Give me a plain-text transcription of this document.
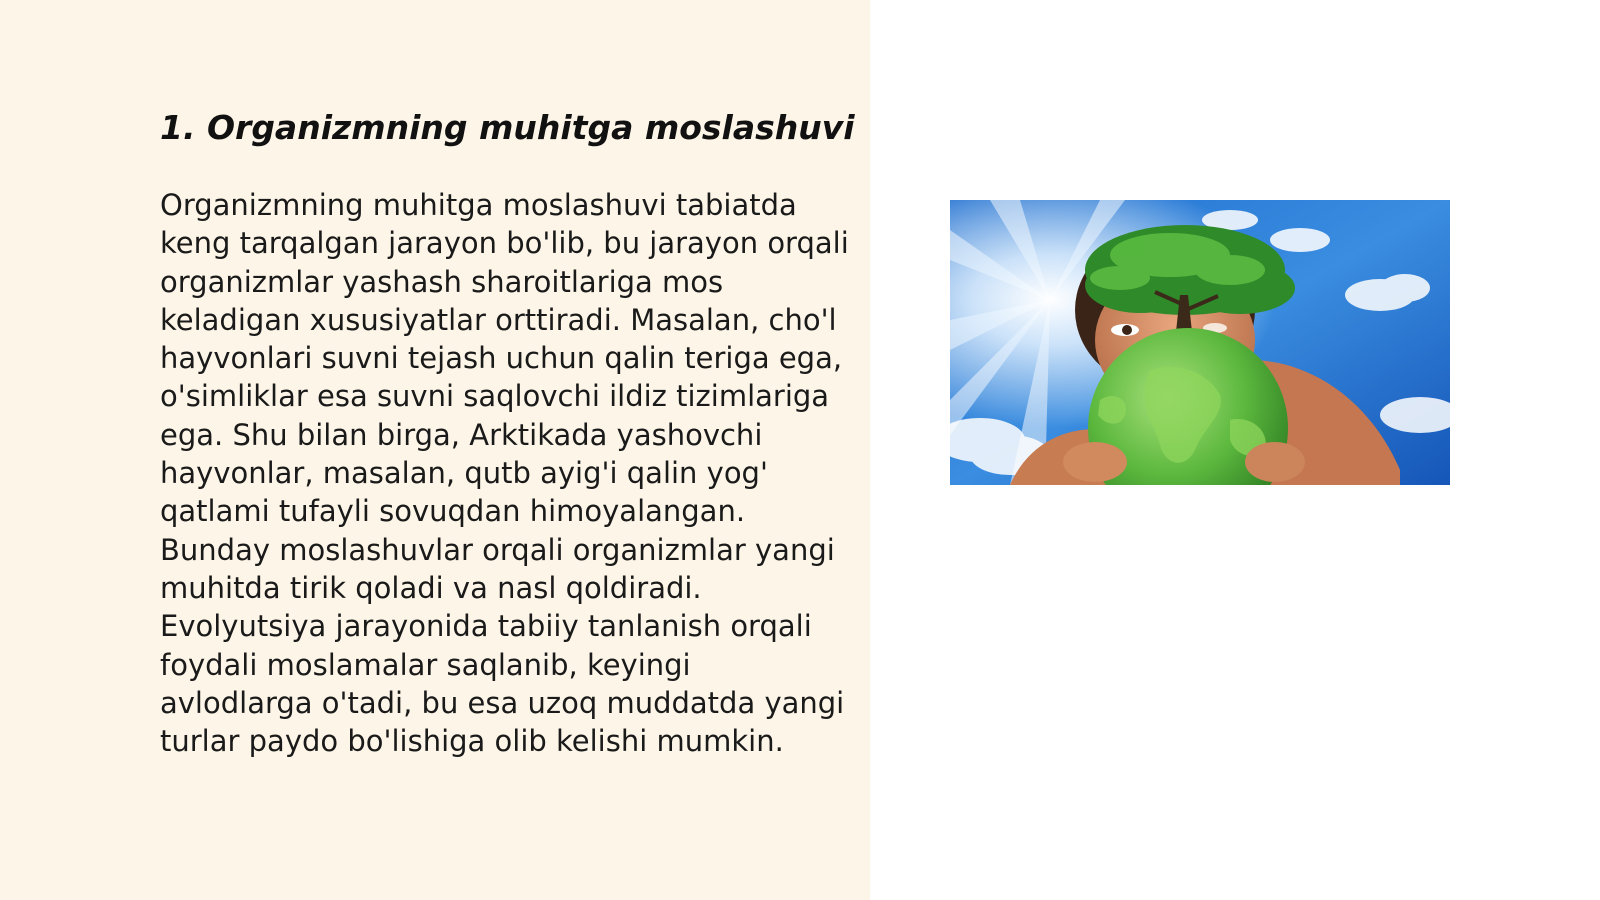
1. Organizmning muhitga moslashuvi

Organizmning muhitga moslashuvi tabiatda keng tarqalgan jarayon bo'lib, bu jarayon orqali organizmlar yashash sharoitlariga mos keladigan xususiyatlar orttiradi. Masalan, cho'l hayvonlari suvni tejash uchun qalin teriga ega, o'simliklar esa suvni saqlovchi ildiz tizimlariga ega. Shu bilan birga, Arktikada yashovchi hayvonlar, masalan, qutb ayig'i qalin yog' qatlami tufayli sovuqdan himoyalangan. Bunday moslashuvlar orqali organizmlar yangi muhitda tirik qoladi va nasl qoldiradi. Evolyutsiya jarayonida tabiiy tanlanish orqali foydali moslamalar saqlanib, keyingi avlodlarga o'tadi, bu esa uzoq muddatda yangi turlar paydo bo'lishiga olib kelishi mumkin.
